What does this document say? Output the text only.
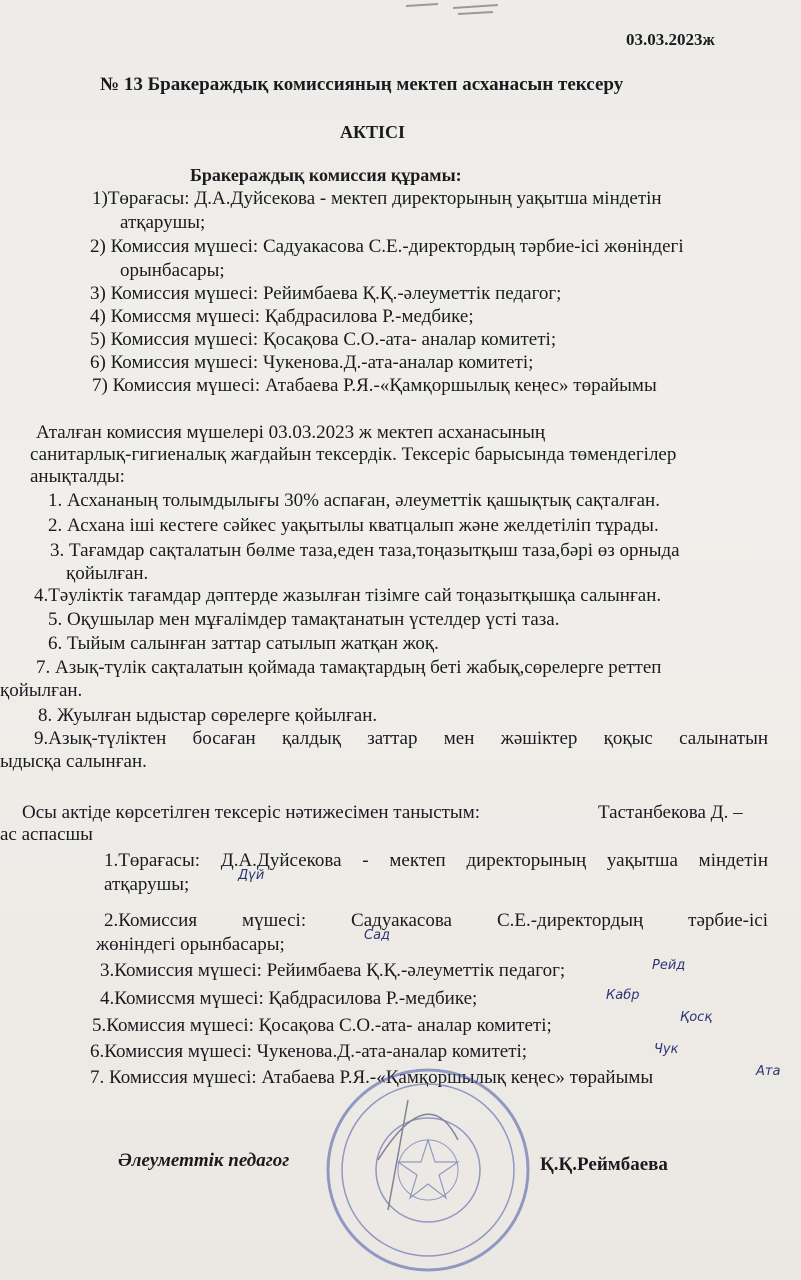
03.03.2023ж
№ 13 Бракераждық комиссияның мектеп асханасын тексеру
АКТІСІ
Бракераждық комиссия құрамы:
1)Төрағасы: Д.А.Дуйсекова - мектеп директорының уақытша міндетін
атқарушы;
2) Комиссия мүшесі: Садуакасова С.Е.-директордың тәрбие-ісі жөніндегі
орынбасары;
3) Комиссия мүшесі: Рейимбаева Қ.Қ.-әлеуметтік педагог;
4) Комиссмя мүшесі: Қабдрасилова Р.-медбике;
5) Комиссия мүшесі: Қосақова С.О.-ата- аналар комитеті;
6) Комиссия мүшесі: Чукенова.Д.-ата-аналар комитеті;
7) Комиссия мүшесі: Атабаева Р.Я.-«Қамқоршылық кеңес» төрайымы
Аталған комиссия мүшелері 03.03.2023 ж мектеп асханасының
санитарлық-гигиеналық жағдайын тексердік. Тексеріс барысында төмендегілер
анықталды:
1. Асхананың толымдылығы 30% аспаған, әлеуметтік қашықтық сақталған.
2. Асхана іші кестеге сәйкес уақытылы кватцалып және желдетіліп тұрады.
3. Тағамдар сақталатын бөлме таза,еден таза,тоңазытқыш таза,бәрі өз орныда
қойылған.
4.Тәуліктік тағамдар дәптерде жазылған тізімге сай тоңазытқышқа салынған.
5. Оқушылар мен мұғалімдер тамақтанатын үстелдер үсті таза.
6. Тыйым салынған заттар сатылып жатқан жоқ.
7. Азық-түлік сақталатын қоймада тамақтардың беті жабық,сөрелерге реттеп
қойылған.
8. Жуылған ыдыстар сөрелерге қойылған.
9.Азық-түліктен босаған қалдық заттар мен жәшіктер қоқыс салынатын
ыдысқа салынған.
Осы актіде көрсетілген тексеріс нәтижесімен таныстым:	Тастанбекова Д. –
ас аспасшы
1.Төрағасы: Д.А.Дуйсекова - мектеп директорының уақытша міндетін
атқарушы;
2.Комиссия мүшесі: Садуакасова С.Е.-директордың тәрбие-ісі
жөніндегі орынбасары;
3.Комиссия мүшесі: Рейимбаева Қ.Қ.-әлеуметтік педагог;
4.Комиссмя мүшесі: Қабдрасилова Р.-медбике;
5.Комиссия мүшесі: Қосақова С.О.-ата- аналар комитеті;
6.Комиссия мүшесі: Чукенова.Д.-ата-аналар комитеті;
7. Комиссия мүшесі: Атабаева Р.Я.-«Қамқоршылық кеңес» төрайымы
Дүй
Сад
Рейд
Кабр
Қосқ
Чук
Ата
Әлеуметтік педагог	Қ.Қ.Реймбаева
